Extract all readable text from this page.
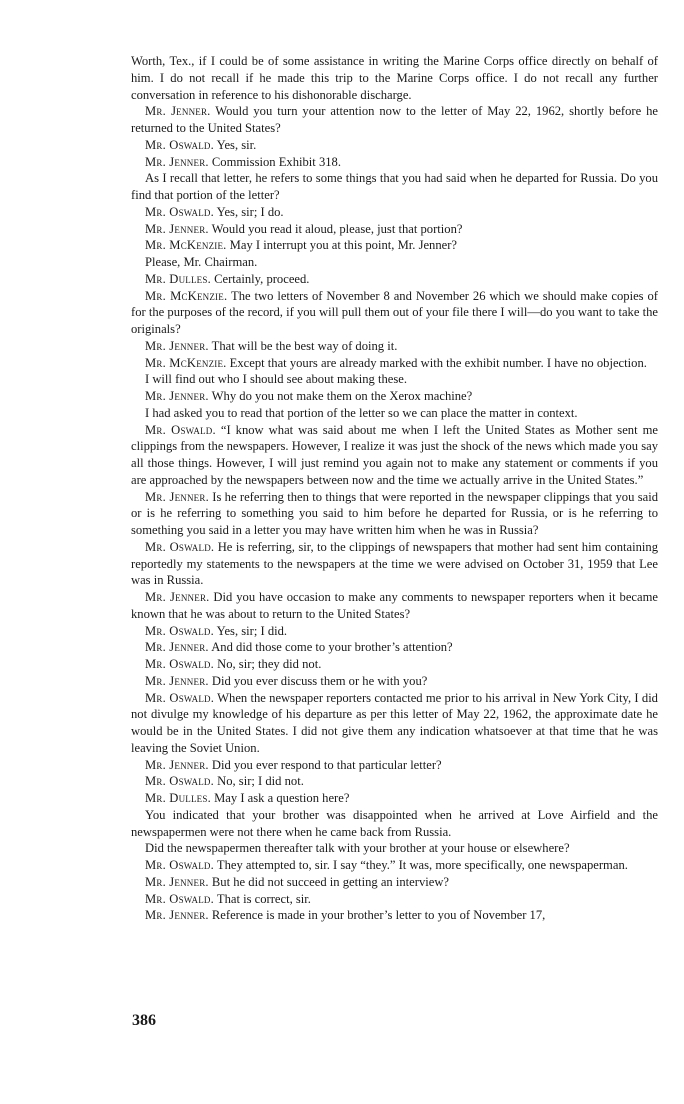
Worth, Tex., if I could be of some assistance in writing the Marine Corps office directly on behalf of him. I do not recall if he made this trip to the Marine Corps office. I do not recall any further conversation in reference to his dishonorable discharge.

Mr. Jenner. Would you turn your attention now to the letter of May 22, 1962, shortly before he returned to the United States?

Mr. Oswald. Yes, sir.

Mr. Jenner. Commission Exhibit 318.

As I recall that letter, he refers to some things that you had said when he departed for Russia. Do you find that portion of the letter?

Mr. Oswald. Yes, sir; I do.

Mr. Jenner. Would you read it aloud, please, just that portion?

Mr. McKenzie. May I interrupt you at this point, Mr. Jenner?

Please, Mr. Chairman.

Mr. Dulles. Certainly, proceed.

Mr. McKenzie. The two letters of November 8 and November 26 which we should make copies of for the purposes of the record, if you will pull them out of your file there I will—do you want to take the originals?

Mr. Jenner. That will be the best way of doing it.

Mr. McKenzie. Except that yours are already marked with the exhibit number. I have no objection.

I will find out who I should see about making these.

Mr. Jenner. Why do you not make them on the Xerox machine?

I had asked you to read that portion of the letter so we can place the matter in context.

Mr. Oswald. “I know what was said about me when I left the United States as Mother sent me clippings from the newspapers. However, I realize it was just the shock of the news which made you say all those things. However, I will just remind you again not to make any statement or comments if you are approached by the newspapers between now and the time we actually arrive in the United States.”

Mr. Jenner. Is he referring then to things that were reported in the newspaper clippings that you said or is he referring to something you said to him before he departed for Russia, or is he referring to something you said in a letter you may have written him when he was in Russia?

Mr. Oswald. He is referring, sir, to the clippings of newspapers that mother had sent him containing reportedly my statements to the newspapers at the time we were advised on October 31, 1959 that Lee was in Russia.

Mr. Jenner. Did you have occasion to make any comments to newspaper reporters when it became known that he was about to return to the United States?

Mr. Oswald. Yes, sir; I did.

Mr. Jenner. And did those come to your brother’s attention?

Mr. Oswald. No, sir; they did not.

Mr. Jenner. Did you ever discuss them or he with you?

Mr. Oswald. When the newspaper reporters contacted me prior to his arrival in New York City, I did not divulge my knowledge of his departure as per this letter of May 22, 1962, the approximate date he would be in the United States. I did not give them any indication whatsoever at that time that he was leaving the Soviet Union.

Mr. Jenner. Did you ever respond to that particular letter?

Mr. Oswald. No, sir; I did not.

Mr. Dulles. May I ask a question here?

You indicated that your brother was disappointed when he arrived at Love Airfield and the newspapermen were not there when he came back from Russia.

Did the newspapermen thereafter talk with your brother at your house or elsewhere?

Mr. Oswald. They attempted to, sir. I say “they.” It was, more specifically, one newspaperman.

Mr. Jenner. But he did not succeed in getting an interview?

Mr. Oswald. That is correct, sir.

Mr. Jenner. Reference is made in your brother’s letter to you of November 17,

386
